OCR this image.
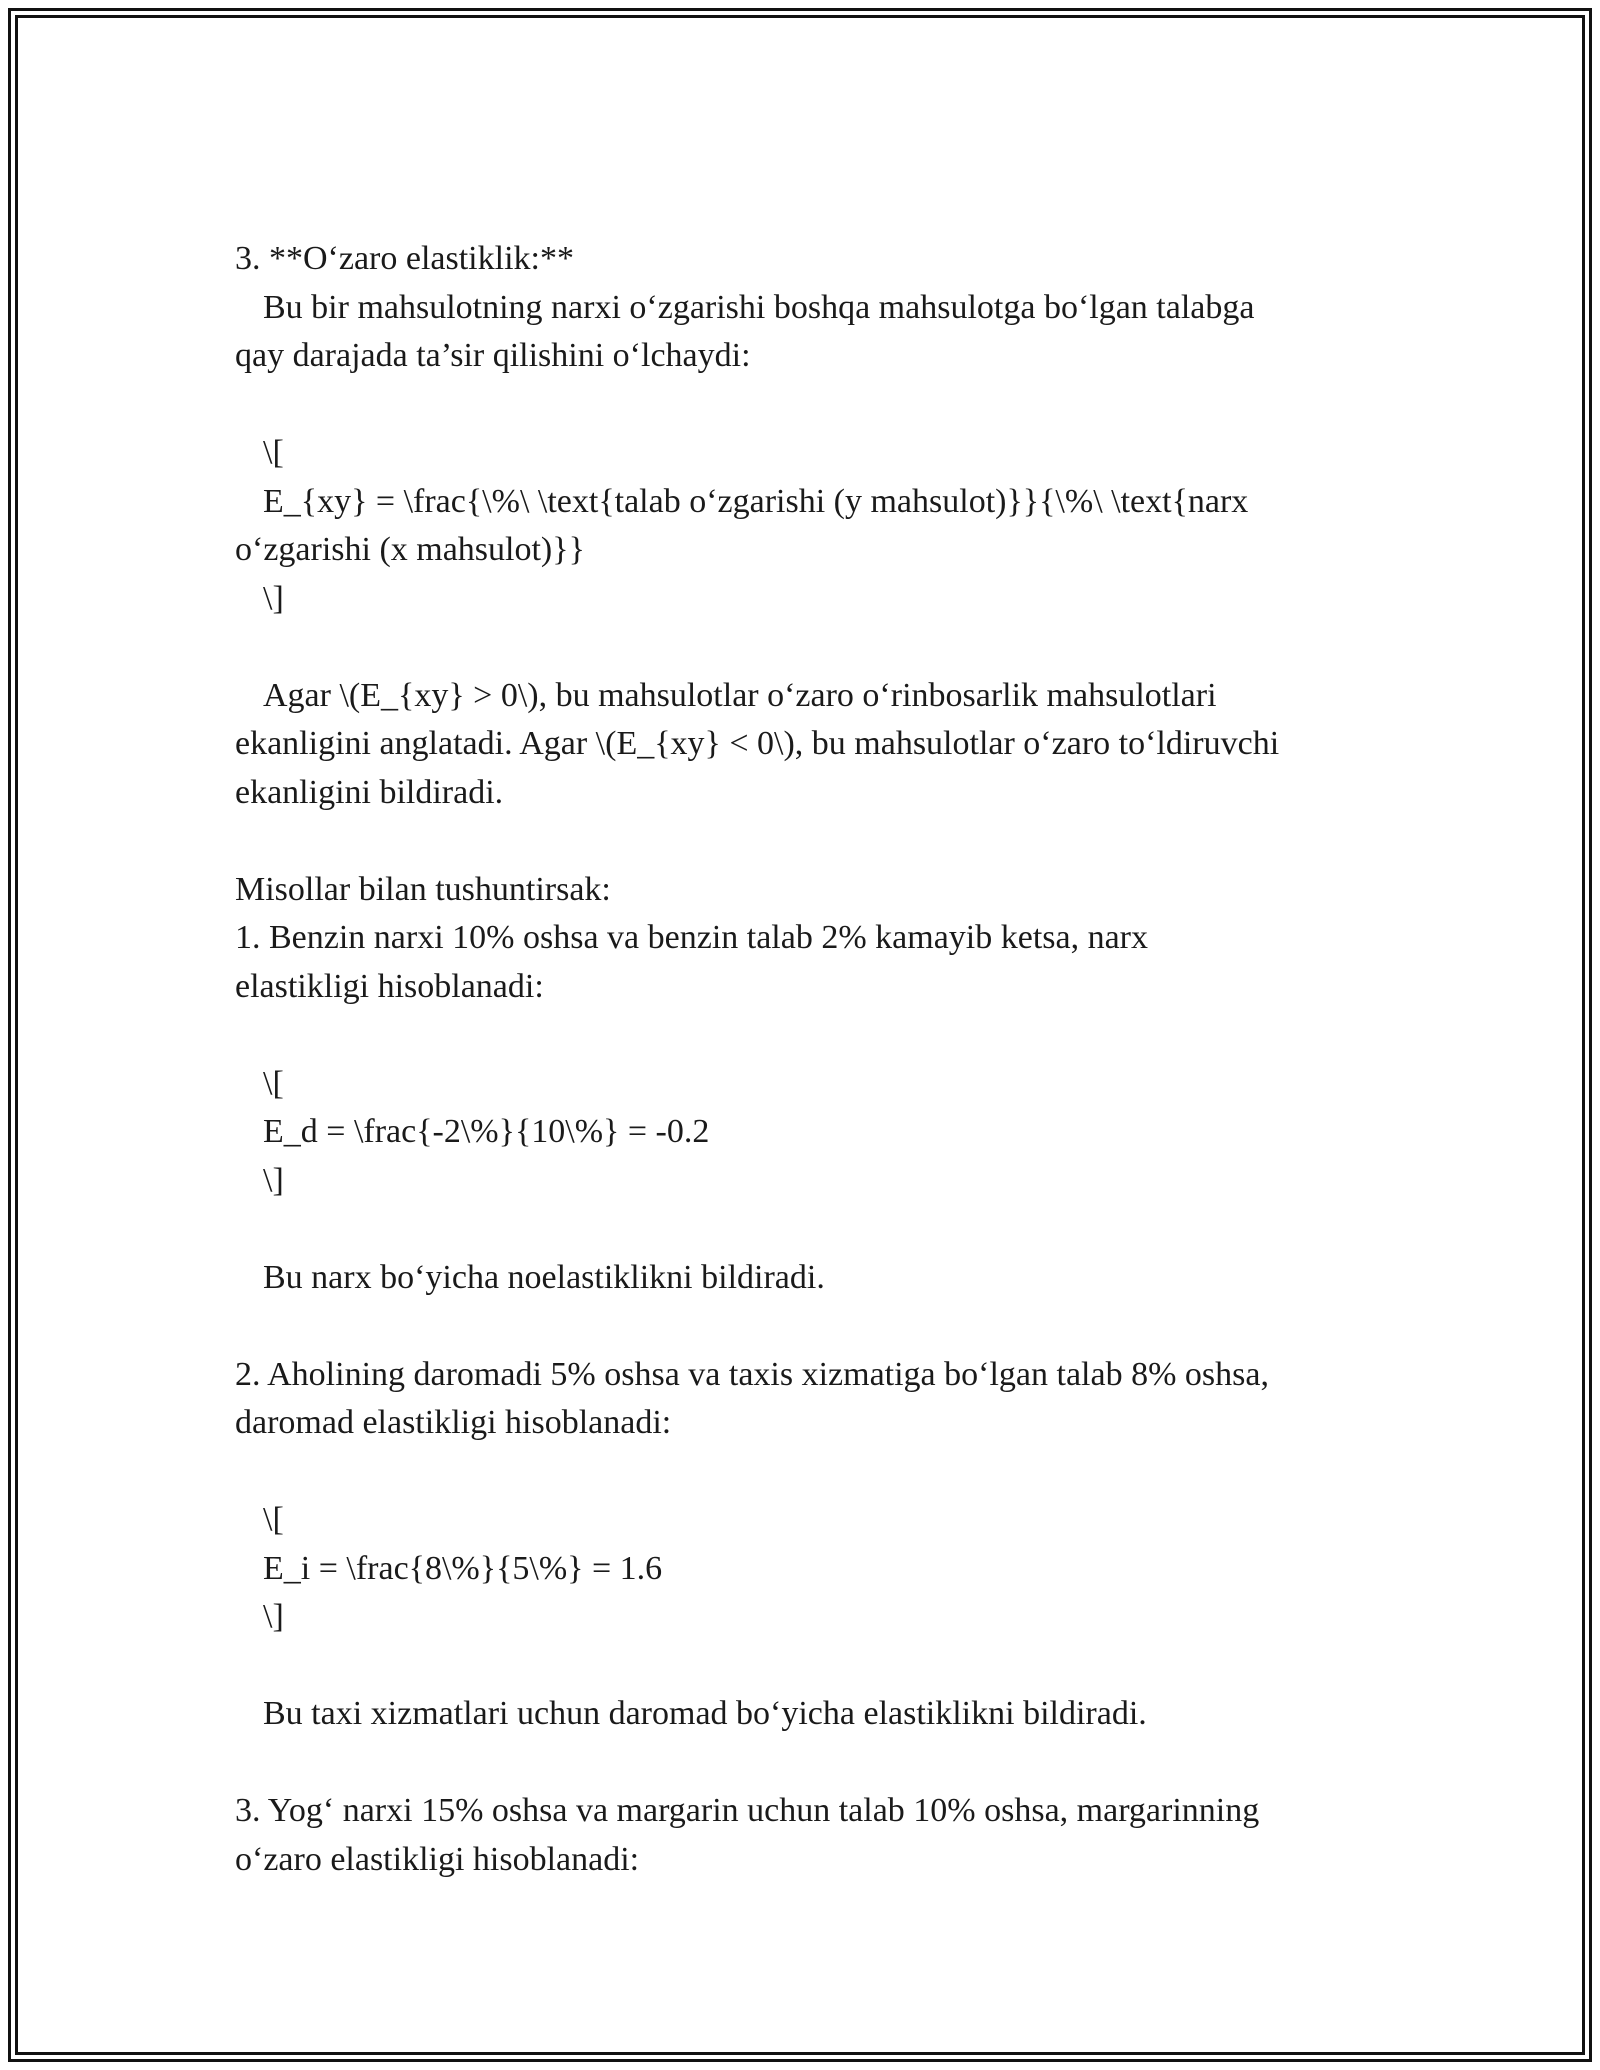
3. **O‘zaro elastiklik:**
Bu bir mahsulotning narxi o‘zgarishi boshqa mahsulotga bo‘lgan talabga
qay darajada ta’sir qilishini o‘lchaydi:
\[
E_{xy} = \frac{\%\ \text{talab o‘zgarishi (y mahsulot)}}{\%\ \text{narx
o‘zgarishi (x mahsulot)}}
\]
Agar \(E_{xy} > 0\), bu mahsulotlar o‘zaro o‘rinbosarlik mahsulotlari
ekanligini anglatadi. Agar \(E_{xy} < 0\), bu mahsulotlar o‘zaro to‘ldiruvchi
ekanligini bildiradi.
Misollar bilan tushuntirsak:
1. Benzin narxi 10% oshsa va benzin talab 2% kamayib ketsa, narx
elastikligi hisoblanadi:
\[
E_d = \frac{-2\%}{10\%} = -0.2
\]
Bu narx bo‘yicha noelastiklikni bildiradi.
2. Aholining daromadi 5% oshsa va taxis xizmatiga bo‘lgan talab 8% oshsa,
daromad elastikligi hisoblanadi:
\[
E_i = \frac{8\%}{5\%} = 1.6
\]
Bu taxi xizmatlari uchun daromad bo‘yicha elastiklikni bildiradi.
3. Yog‘ narxi 15% oshsa va margarin uchun talab 10% oshsa, margarinning
o‘zaro elastikligi hisoblanadi:
